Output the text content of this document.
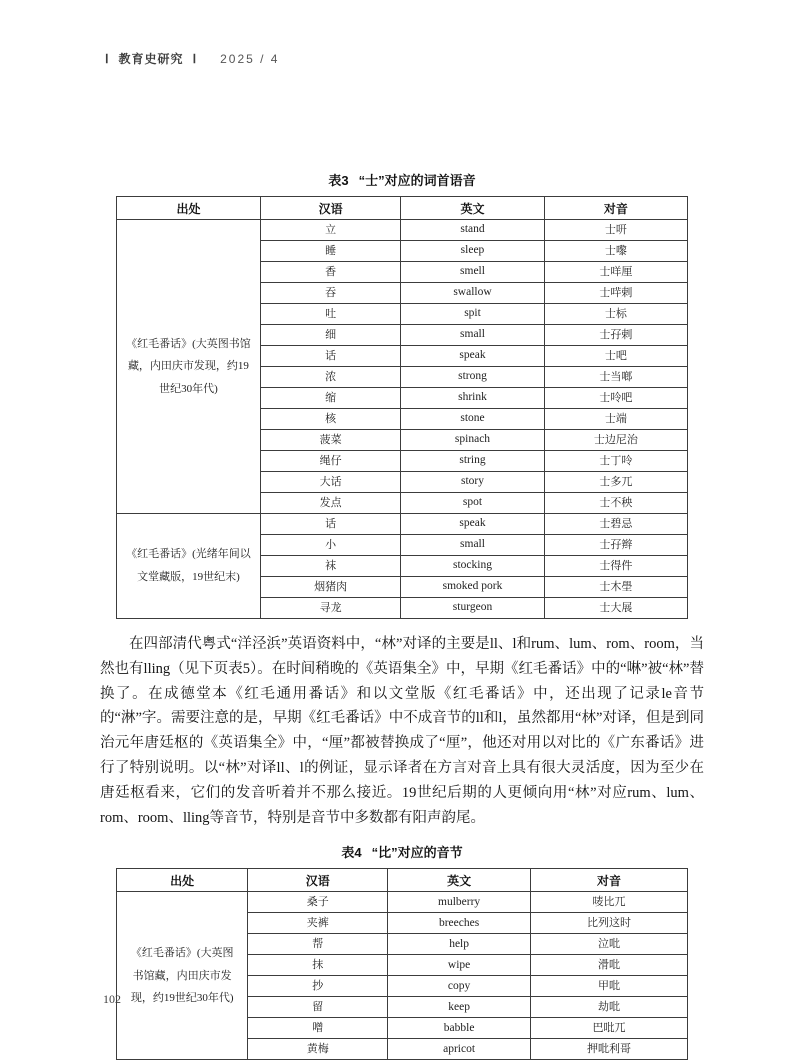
Ⅰ 教育史研究 Ⅰ 2025 / 4
表3 “士”对应的词首语音
出处	汉语	英文	对音
《红毛番话》(大英图书馆藏，内田庆市发现，约19世纪30年代)	立	stand	士咞
	睡	sleep	士嚟
	香	smell	士咩厘
	吞	swallow	士哶剌
	吐	spit	士标
	细	small	士孖剌
	话	speak	士吧
	浓	strong	士当啷
	缩	shrink	士呤吧
	核	stone	士端
	菠菜	spinach	士边尼治
	绳仔	string	士丁呤
	大话	story	士多兀
	发点	spot	士不秧
《红毛番话》(光绪年间以文堂藏版，19世纪末)	话	speak	士碧忌
	小	small	士孖辫
	袜	stocking	士得件
	烟猪肉	smoked pork	士木壆
	寻龙	sturgeon	士大展

在四部清代粤式“洋泾浜”英语资料中，“林”对译的主要是ll、l和rum、lum、rom、room，当然也有lling（见下页表5）。在时间稍晚的《英语集全》中，早期《红毛番话》中的“啉”被“林”替换了。在成德堂本《红毛通用番话》和以文堂版《红毛番话》中，还出现了记录le音节的“淋”字。需要注意的是，早期《红毛番话》中不成音节的ll和l，虽然都用“林”对译，但是到同治元年唐廷枢的《英语集全》中，“厘”都被替换成了“厘”，他还对用以对比的《广东番话》进行了特别说明。以“林”对译ll、l的例证，显示译者在方言对音上具有很大灵活度，因为至少在唐廷枢看来，它们的发音听着并不那么接近。19世纪后期的人更倾向用“林”对应rum、lum、rom、room、lling等音节，特别是音节中多数都有阳声韵尾。

表4 “比”对应的音节
出处	汉语	英文	对音
《红毛番话》(大英图书馆藏，内田庆市发现，约19世纪30年代)	桑子	mulberry	唛比兀
	夹裤	breeches	比列这时
	帮	help	泣吡
	抹	wipe	滑吡
	抄	copy	甲吡
	留	keep	劫吡
	噌	babble	巴吡兀
	黄梅	apricot	押吡利哥
102
